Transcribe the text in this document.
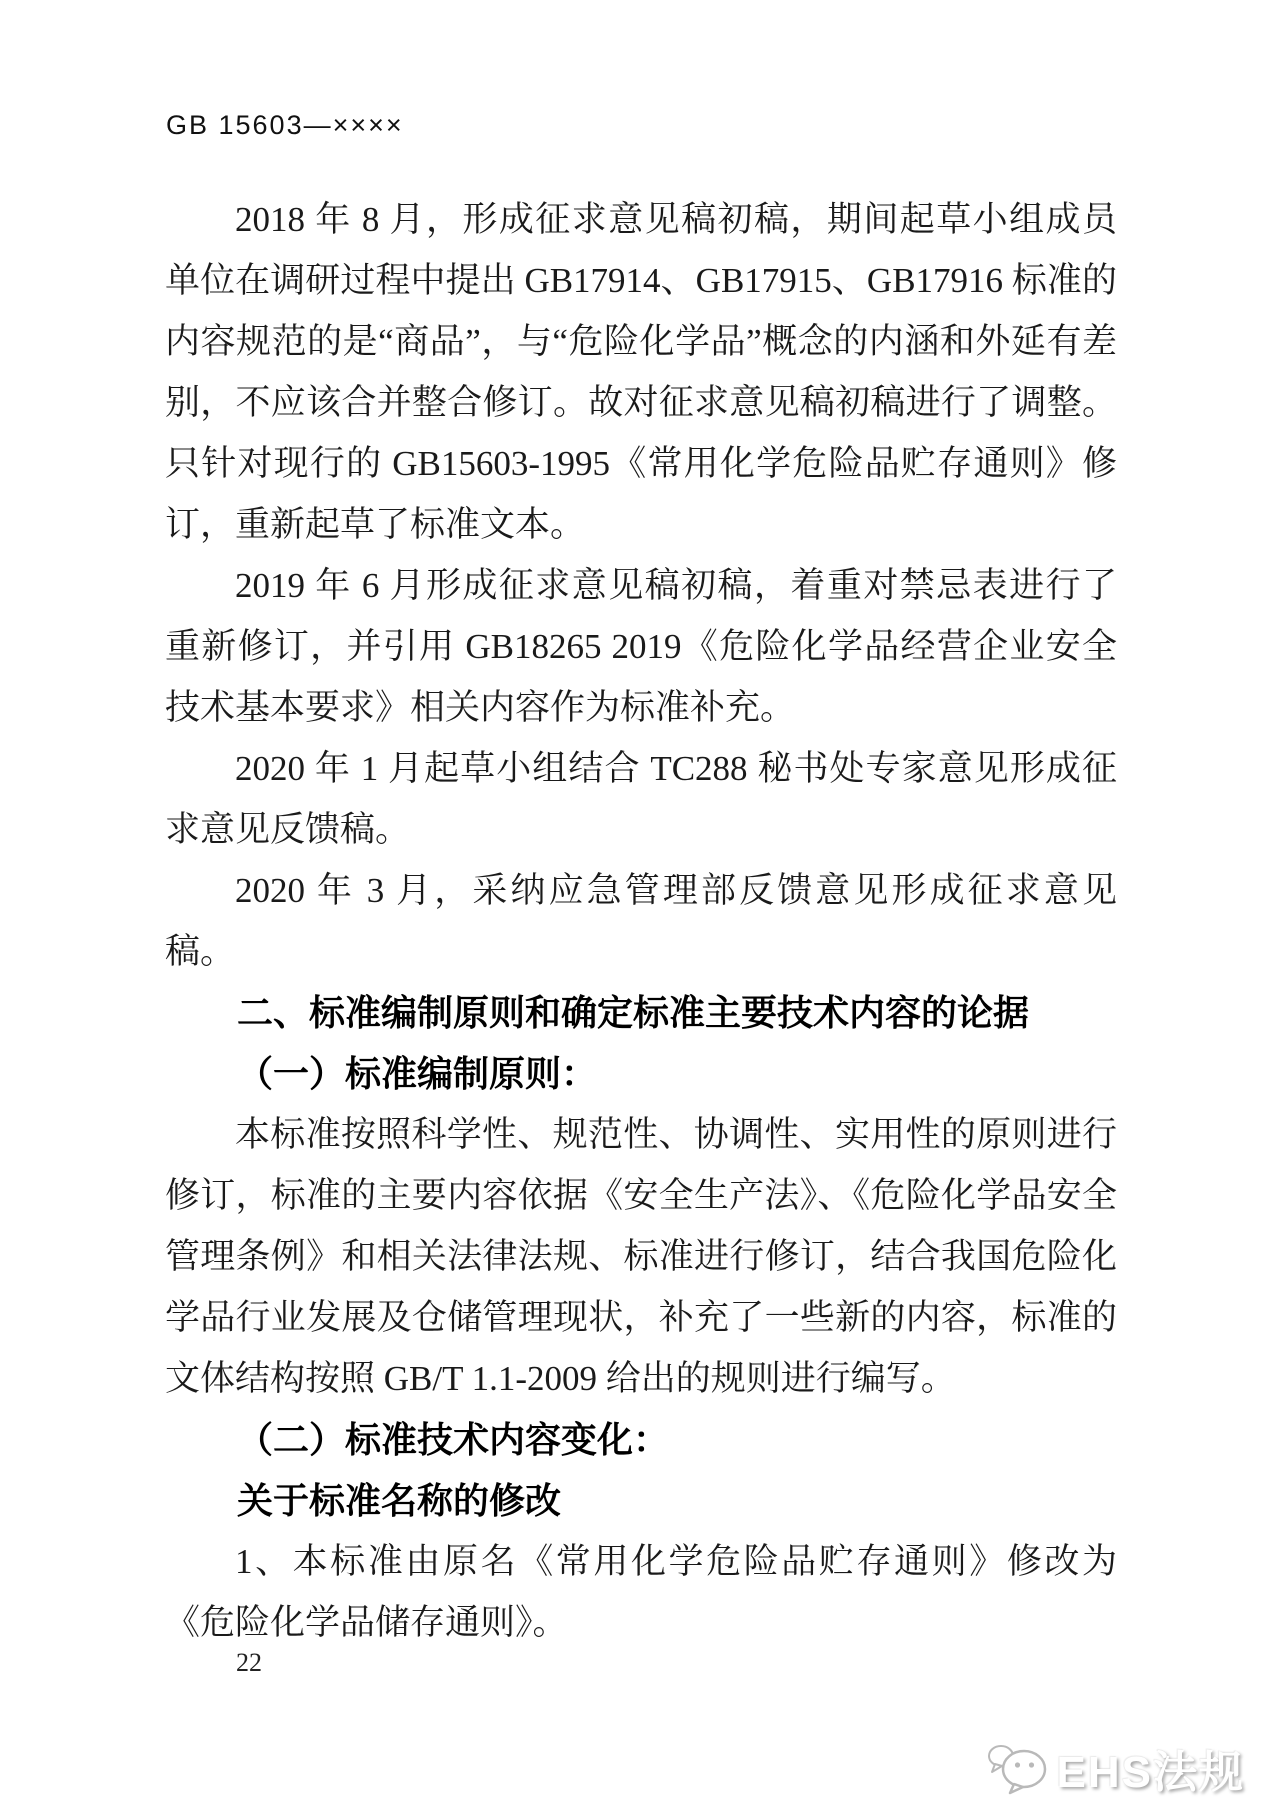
GB 15603—××××

2018 年 8 月，形成征求意见稿初稿，期间起草小组成员单位在调研过程中提出 GB17914、GB17915、GB17916 标准的内容规范的是“商品”，与“危险化学品”概念的内涵和外延有差别，不应该合并整合修订。故对征求意见稿初稿进行了调整。只针对现行的 GB15603-1995《常用化学危险品贮存通则》修订，重新起草了标准文本。

2019 年 6 月形成征求意见稿初稿，着重对禁忌表进行了重新修订，并引用 GB18265 2019《危险化学品经营企业安全技术基本要求》相关内容作为标准补充。

2020 年 1 月起草小组结合 TC288 秘书处专家意见形成征求意见反馈稿。

2020 年 3 月，采纳应急管理部反馈意见形成征求意见稿。

二、标准编制原则和确定标准主要技术内容的论据

（一）标准编制原则：

本标准按照科学性、规范性、协调性、实用性的原则进行修订，标准的主要内容依据《安全生产法》、《危险化学品安全管理条例》和相关法律法规、标准进行修订，结合我国危险化学品行业发展及仓储管理现状，补充了一些新的内容，标准的文体结构按照 GB/T 1.1-2009 给出的规则进行编写。

（二）标准技术内容变化：

关于标准名称的修改

1、本标准由原名《常用化学危险品贮存通则》修改为《危险化学品储存通则》。

22
EHS法规
